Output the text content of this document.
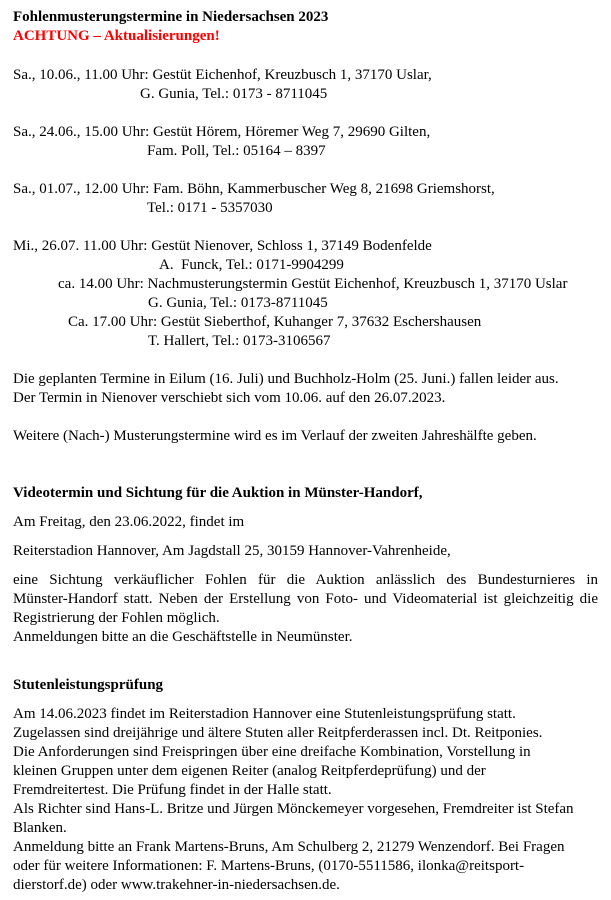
Fohlenmusterungstermine in Niedersachsen 2023
ACHTUNG – Aktualisierungen!
Sa., 10.06., 11.00 Uhr: Gestüt Eichenhof, Kreuzbusch 1, 37170 Uslar,
G. Gunia, Tel.: 0173 - 8711045
Sa., 24.06., 15.00 Uhr: Gestüt Hörem, Höremer Weg 7, 29690 Gilten,
Fam. Poll, Tel.: 05164 – 8397
Sa., 01.07., 12.00 Uhr: Fam. Böhn, Kammerbuscher Weg 8, 21698 Griemshorst,
Tel.: 0171 - 5357030
Mi., 26.07. 11.00 Uhr: Gestüt Nienover, Schloss 1, 37149 Bodenfelde
A.  Funck, Tel.: 0171-9904299
ca. 14.00 Uhr: Nachmusterungstermin Gestüt Eichenhof, Kreuzbusch 1, 37170 Uslar
G. Gunia, Tel.: 0173-8711045
Ca. 17.00 Uhr: Gestüt Sieberthof, Kuhanger 7, 37632 Eschershausen
T. Hallert, Tel.: 0173-3106567
Die geplanten Termine in Eilum (16. Juli) und Buchholz-Holm (25. Juni.) fallen leider aus.
Der Termin in Nienover verschiebt sich vom 10.06. auf den 26.07.2023.
Weitere (Nach-) Musterungstermine wird es im Verlauf der zweiten Jahreshälfte geben.
Videotermin und Sichtung für die Auktion in Münster-Handorf,
Am Freitag, den 23.06.2022, findet im
Reiterstadion Hannover, Am Jagdstall 25, 30159 Hannover-Vahrenheide,
eine Sichtung verkäuflicher Fohlen für die Auktion anlässlich des Bundesturnieres in
Münster-Handorf statt. Neben der Erstellung von Foto- und Videomaterial ist gleichzeitig die
Registrierung der Fohlen möglich.
Anmeldungen bitte an die Geschäftstelle in Neumünster.
Stutenleistungsprüfung
Am 14.06.2023 findet im Reiterstadion Hannover eine Stutenleistungsprüfung statt.
Zugelassen sind dreijährige und ältere Stuten aller Reitpferderassen incl. Dt. Reitponies.
Die Anforderungen sind Freispringen über eine dreifache Kombination, Vorstellung in
kleinen Gruppen unter dem eigenen Reiter (analog Reitpferdeprüfung) und der
Fremdreitertest. Die Prüfung findet in der Halle statt.
Als Richter sind Hans-L. Britze und Jürgen Mönckemeyer vorgesehen, Fremdreiter ist Stefan
Blanken.
Anmeldung bitte an Frank Martens-Bruns, Am Schulberg 2, 21279 Wenzendorf. Bei Fragen
oder für weitere Informationen: F. Martens-Bruns, (0170-5511586, ilonka@reitsport-
dierstorf.de) oder www.trakehner-in-niedersachsen.de.
